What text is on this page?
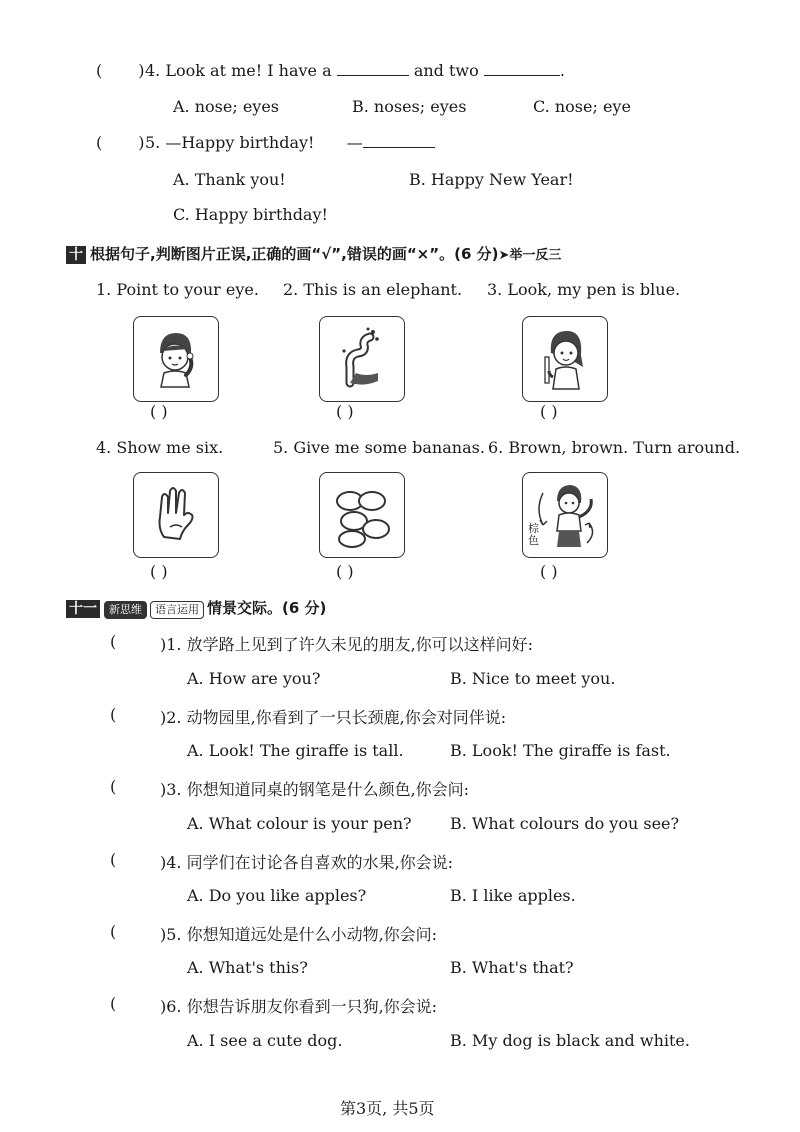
( ) 4. Look at me! I have a	and two	.
A. nose; eyes	B. noses; eyes	C. nose; eye
( ) 5. —Happy birthday! —
A. Thank you!	B. Happy New Year!
C. Happy birthday!
十 根据句子,判断图片正误,正确的画“√”,错误的画“×”。(6 分)➤举一反三
1. Point to your eye. 2. This is an elephant. 3. Look, my pen is blue.
( )	( )	( )
4. Show me six.	5. Give me some bananas. 6. Brown, brown. Turn around.
( )	( )
棕色
( )
十一 新思维 语言运用 情景交际。(6 分)
(	)1. 放学路上见到了许久未见的朋友,你可以这样问好:
A. How are you?	B. Nice to meet you.
(	)2. 动物园里,你看到了一只长颈鹿,你会对同伴说:
A. Look! The giraffe is tall.	B. Look! The giraffe is fast.
(	)3. 你想知道同桌的钢笔是什么颜色,你会问:
A. What colour is your pen? B. What colours do you see?
(	)4. 同学们在讨论各自喜欢的水果,你会说:
A. Do you like apples?	B. I like apples.
(	)5. 你想知道远处是什么小动物,你会问:
A. What's this?	B. What's that?
(	)6. 你想告诉朋友你看到一只狗,你会说:
A. I see a cute dog.	B. My dog is black and white.
第3页, 共5页
